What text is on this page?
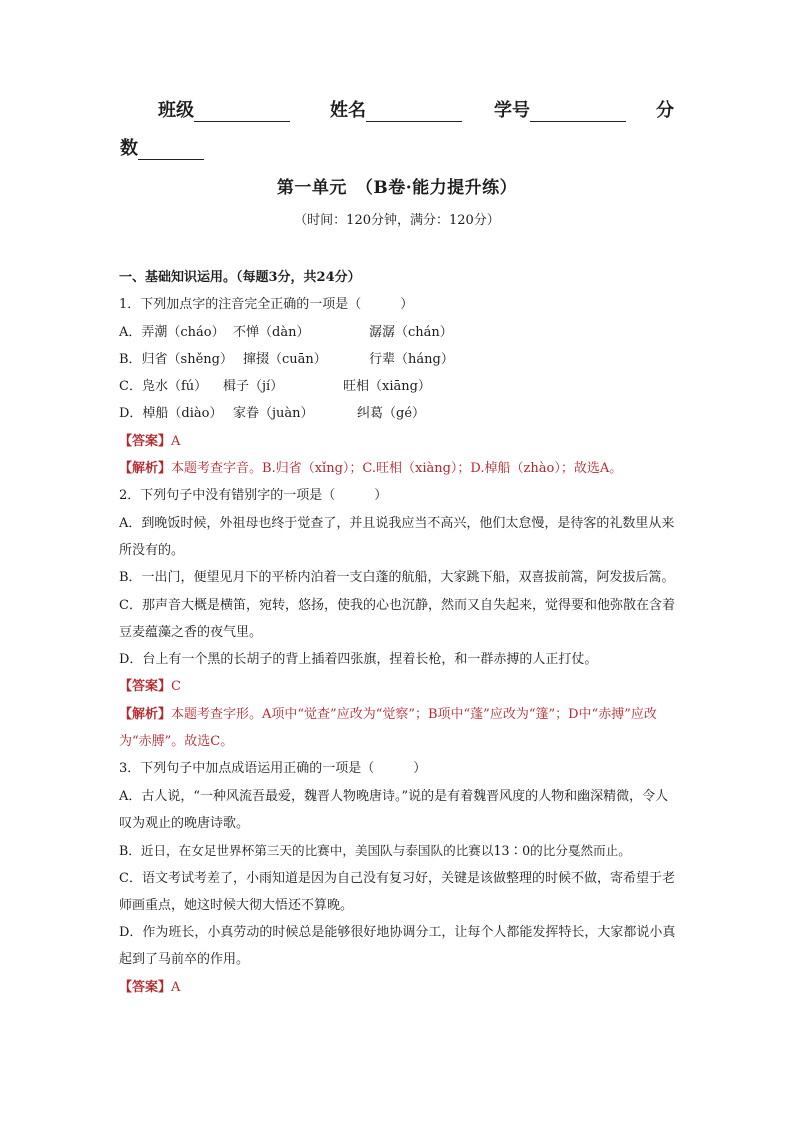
班级	姓名	学号	分
数
第一单元　（B卷·能力提升练）
（时间：120分钟，满分：120分）
一、基础知识运用。（每题3分，共24分）
1．下列加点字的注音完全正确的一项是（　　　）
A．弄潮（cháo） 不惮（dàn）	潺潺（chán）
B．归省（shěng） 撺掇（cuān）	行辈（háng）
C．凫水（fú） 楫子（jí）	旺相（xiāng）
D．棹船（diào） 家眷（juàn）	纠葛（gé）
【答案】A
【解析】本题考查字音。B.归省（xǐng）；C.旺相（xiàng）；D.棹船（zhào）；故选A。
2．下列句子中没有错别字的一项是（　　　）
A．到晚饭时候，外祖母也终于觉查了，并且说我应当不高兴，他们太怠慢，是待客的礼数里从来所没有的。
B．一出门，便望见月下的平桥内泊着一支白蓬的航船，大家跳下船，双喜拔前篙，阿发拔后篙。
C．那声音大概是横笛，宛转，悠扬，使我的心也沉静，然而又自失起来，觉得要和他弥散在含着豆麦蕴藻之香的夜气里。
D．台上有一个黑的长胡子的背上插着四张旗，捏着长枪，和一群赤搏的人正打仗。
【答案】C
【解析】本题考查字形。A项中“觉查”应改为“觉察”；B项中“蓬”应改为“篷”；D中“赤搏”应改为“赤膊”。故选C。
3．下列句子中加点成语运用正确的一项是（　　　）
A．古人说，“一种风流吾最爱，魏晋人物晚唐诗。”说的是有着魏晋风度的人物和幽深精微，令人叹为观止的晚唐诗歌。
B．近日，在女足世界杯第三天的比赛中，美国队与泰国队的比赛以13∶0的比分戛然而止。
C．语文考试考差了，小雨知道是因为自己没有复习好，关键是该做整理的时候不做，寄希望于老师画重点，她这时候大彻大悟还不算晚。
D．作为班长，小真劳动的时候总是能够很好地协调分工，让每个人都能发挥特长，大家都说小真起到了马前卒的作用。
【答案】A
